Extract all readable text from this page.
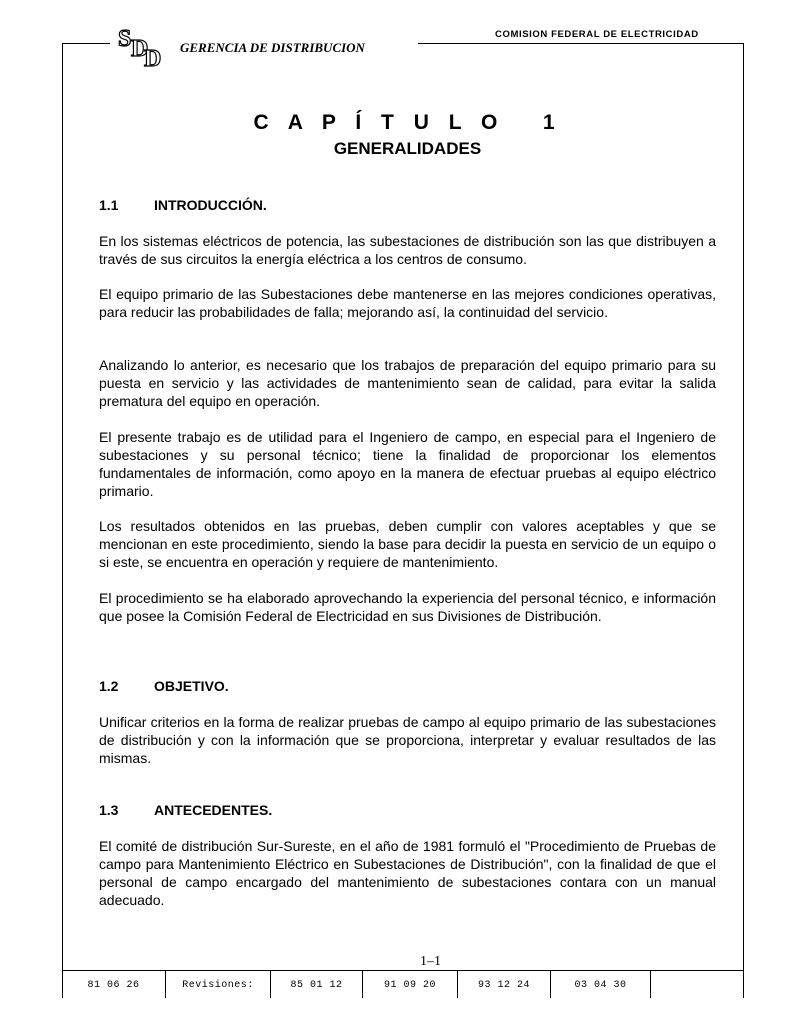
COMISION FEDERAL DE ELECTRICIDAD
S D
D GERENCIA DE DISTRIBUCION
C A P Í T U L O   1
GENERALIDADES
1.1	INTRODUCCIÓN.
En los sistemas eléctricos de potencia, las subestaciones de distribución son las que distribuyen a través de sus circuitos la energía eléctrica a los centros de consumo.
El equipo primario de las Subestaciones debe mantenerse en las mejores condiciones operativas, para reducir las probabilidades de falla; mejorando así, la continuidad del servicio.
Analizando lo anterior, es necesario que los trabajos de preparación del equipo primario para su puesta en servicio y las actividades de mantenimiento sean de calidad, para evitar la salida prematura del equipo en operación.
El presente trabajo es de utilidad para el Ingeniero de campo, en especial para el Ingeniero de subestaciones y su personal técnico; tiene la finalidad de proporcionar los elementos fundamentales de información, como apoyo en la manera de efectuar pruebas al equipo eléctrico primario.
Los resultados obtenidos en las pruebas, deben cumplir con valores aceptables y que se mencionan en este procedimiento, siendo la base para decidir la puesta en servicio de un equipo o si este, se encuentra en operación y requiere de mantenimiento.
El procedimiento se ha elaborado aprovechando la experiencia del personal técnico, e información que posee la Comisión Federal de Electricidad en sus Divisiones de Distribución.
1.2	OBJETIVO.
Unificar criterios en la forma de realizar pruebas de campo al equipo primario de las subestaciones de distribución y con la información que se proporciona, interpretar y evaluar resultados de las mismas.
1.3	ANTECEDENTES.
El comité de distribución Sur-Sureste, en el año de 1981 formuló el "Procedimiento de Pruebas de campo para Mantenimiento Eléctrico en Subestaciones de Distribución", con la finalidad de que el personal de campo encargado del mantenimiento de subestaciones contara con un manual adecuado.
1–1
81 06 26	Revisiones:	85 01 12	91 09 20	93 12 24	03 04 30
